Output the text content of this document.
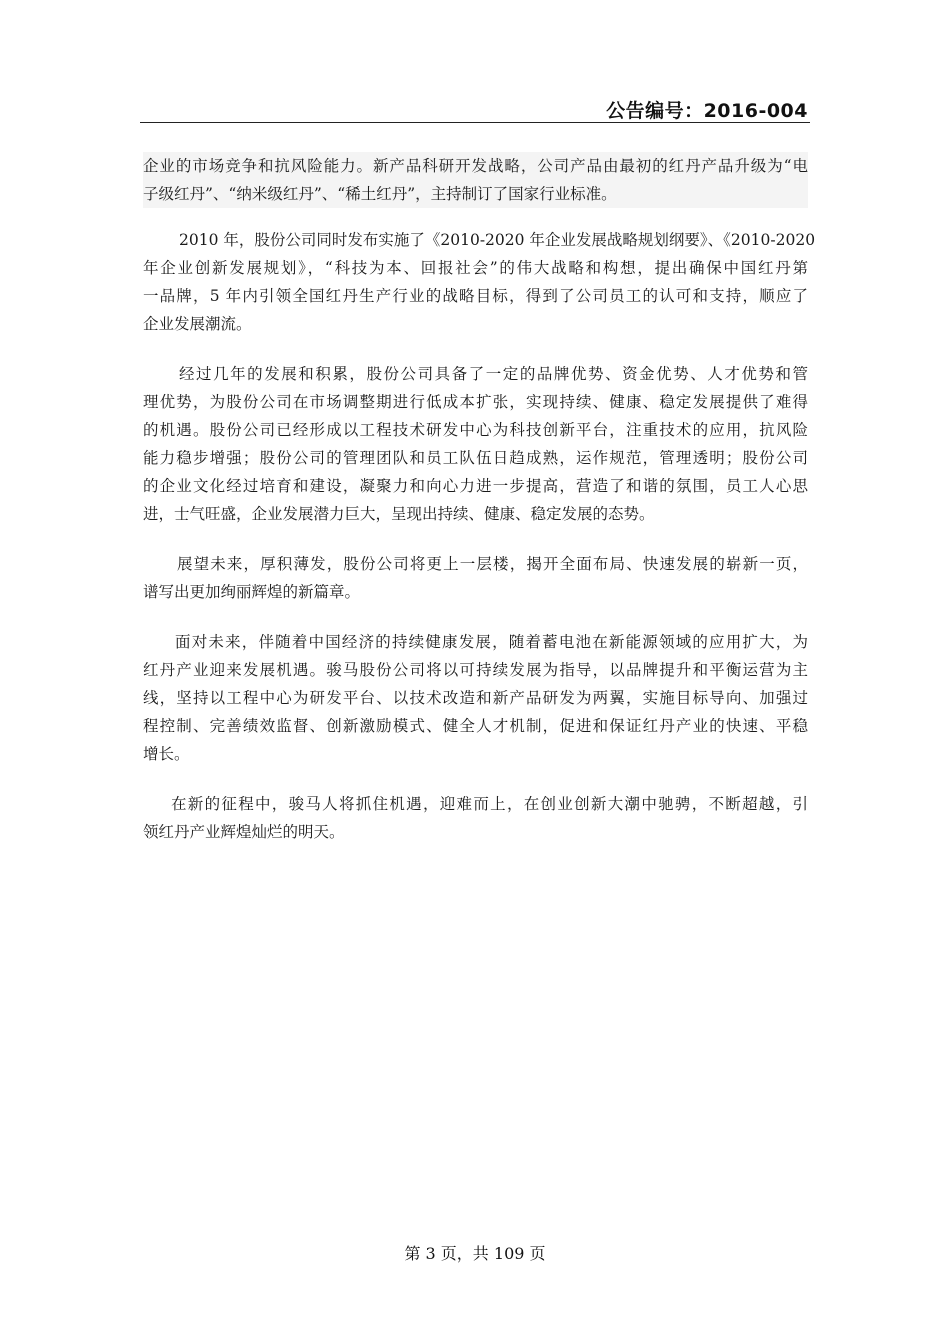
公告编号：2016-004
企业的市场竞争和抗风险能力。新产品科研开发战略，公司产品由最初的红丹产品升级为“电
子级红丹”、“纳米级红丹”、“稀土红丹”，主持制订了国家行业标准。
2010 年，股份公司同时发布实施了《2010-2020 年企业发展战略规划纲要》、《2010-2020
年企业创新发展规划》，“科技为本、回报社会”的伟大战略和构想，提出确保中国红丹第
一品牌，5 年内引领全国红丹生产行业的战略目标，得到了公司员工的认可和支持，顺应了
企业发展潮流。
经过几年的发展和积累，股份公司具备了一定的品牌优势、资金优势、人才优势和管
理优势，为股份公司在市场调整期进行低成本扩张，实现持续、健康、稳定发展提供了难得
的机遇。股份公司已经形成以工程技术研发中心为科技创新平台，注重技术的应用，抗风险
能力稳步增强；股份公司的管理团队和员工队伍日趋成熟，运作规范，管理透明；股份公司
的企业文化经过培育和建设，凝聚力和向心力进一步提高，营造了和谐的氛围，员工人心思
进，士气旺盛，企业发展潜力巨大，呈现出持续、健康、稳定发展的态势。
展望未来，厚积薄发，股份公司将更上一层楼，揭开全面布局、快速发展的崭新一页，
谱写出更加绚丽辉煌的新篇章。
面对未来，伴随着中国经济的持续健康发展，随着蓄电池在新能源领域的应用扩大，为
红丹产业迎来发展机遇。骏马股份公司将以可持续发展为指导，以品牌提升和平衡运营为主
线，坚持以工程中心为研发平台、以技术改造和新产品研发为两翼，实施目标导向、加强过
程控制、完善绩效监督、创新激励模式、健全人才机制，促进和保证红丹产业的快速、平稳
增长。
在新的征程中，骏马人将抓住机遇，迎难而上，在创业创新大潮中驰骋，不断超越，引
领红丹产业辉煌灿烂的明天。
第 3 页，共 109 页
